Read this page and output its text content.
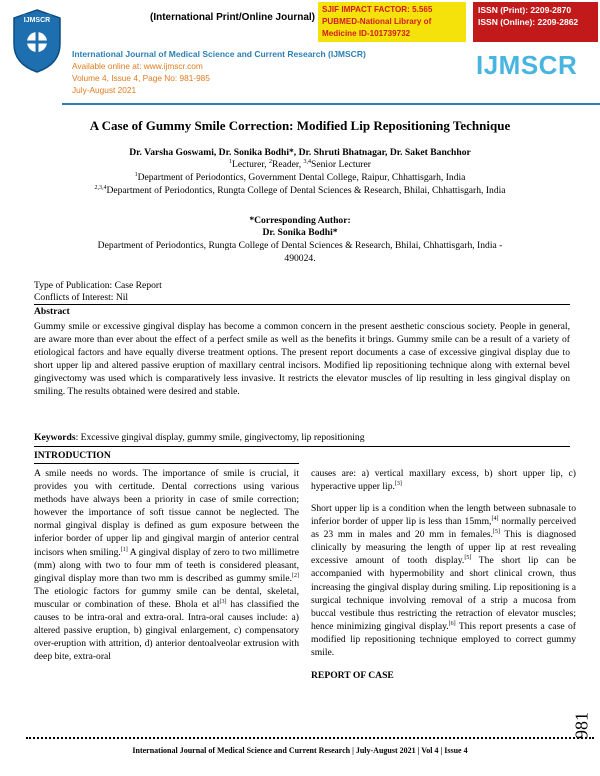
IJMSCR	(International Print/Online Journal)
SJIF IMPACT FACTOR: 5.565
PUBMED-National Library of
Medicine ID-101739732
ISSN (Print): 2209-2870
ISSN (Online): 2209-2862
International Journal of Medical Science and Current Research (IJMSCR)
Available online at: www.ijmscr.com
Volume 4, Issue 4, Page No: 981-985
July-August 2021
IJMSCR
A Case of Gummy Smile Correction: Modified Lip Repositioning Technique
Dr. Varsha Goswami, Dr. Sonika Bodhi*, Dr. Shruti Bhatnagar, Dr. Saket Banchhor
$^1$Lecturer, $^2$Reader, $^{3,4}$Senior Lecturer
$^1$Department of Periodontics, Government Dental College, Raipur, Chhattisgarh, India
$^{2,3,4}$Department of Periodontics, Rungta College of Dental Sciences & Research, Bhilai, Chhattisgarh, India
*Corresponding Author:
Dr. Sonika Bodhi*
Department of Periodontics, Rungta College of Dental Sciences & Research, Bhilai, Chhattisgarh, India -
490024.
Type of Publication: Case Report
Conflicts of Interest: Nil
Abstract
Gummy smile or excessive gingival display has become a common concern in the present aesthetic conscious society. People in general, are aware more than ever about the effect of a perfect smile as well as the benefits it brings. Gummy smile can be a result of a variety of etiological factors and have equally diverse treatment options. The present report documents a case of excessive gingival display due to short upper lip and altered passive eruption of maxillary central incisors. Modified lip repositioning technique along with external bevel gingivectomy was used which is comparatively less invasive. It restricts the elevator muscles of lip resulting in less gingival display on smiling. The results obtained were desired and stable.
Keywords: Excessive gingival display, gummy smile, gingivectomy, lip repositioning
INTRODUCTION
A smile needs no words. The importance of smile is crucial, it provides you with certitude. Dental corrections using various methods have always been a priority in case of smile correction; however the importance of soft tissue cannot be neglected. The normal gingival display is defined as gum exposure between the inferior border of upper lip and gingival margin of anterior central incisors when smiling.[1] A gingival display of zero to two millimetre (mm) along with two to four mm of teeth is considered pleasant, gingival display more than two mm is described as gummy smile.[2] The etiologic factors for gummy smile can be dental, skeletal, muscular or combination of these. Bhola et al[3] has classified the causes to be intra-oral and extra-oral. Intra-oral causes include: a) altered passive eruption, b) gingival enlargement, c) compensatory over-eruption with attrition, d) anterior dentoalveolar extrusion with deep bite, extra-oral
causes are: a) vertical maxillary excess, b) short upper lip, c) hyperactive upper lip.[3]
Short upper lip is a condition when the length between subnasale to inferior border of upper lip is less than 15mm,[4] normally perceived as 23 mm in males and 20 mm in females.[5] This is diagnosed clinically by measuring the length of upper lip at rest revealing excessive amount of tooth display.[5] The short lip can be accompanied with hypermobility and short clinical crown, thus increasing the gingival display during smiling. Lip repositioning is a surgical technique involving removal of a strip a mucosa from buccal vestibule thus restricting the retraction of elevator muscles; hence minimizing gingival display.[6] This report presents a case of modified lip repositioning technique employed to correct gummy smile.
REPORT OF CASE
981
International Journal of Medical Science and Current Research | July-August 2021 | Vol 4 | Issue 4
